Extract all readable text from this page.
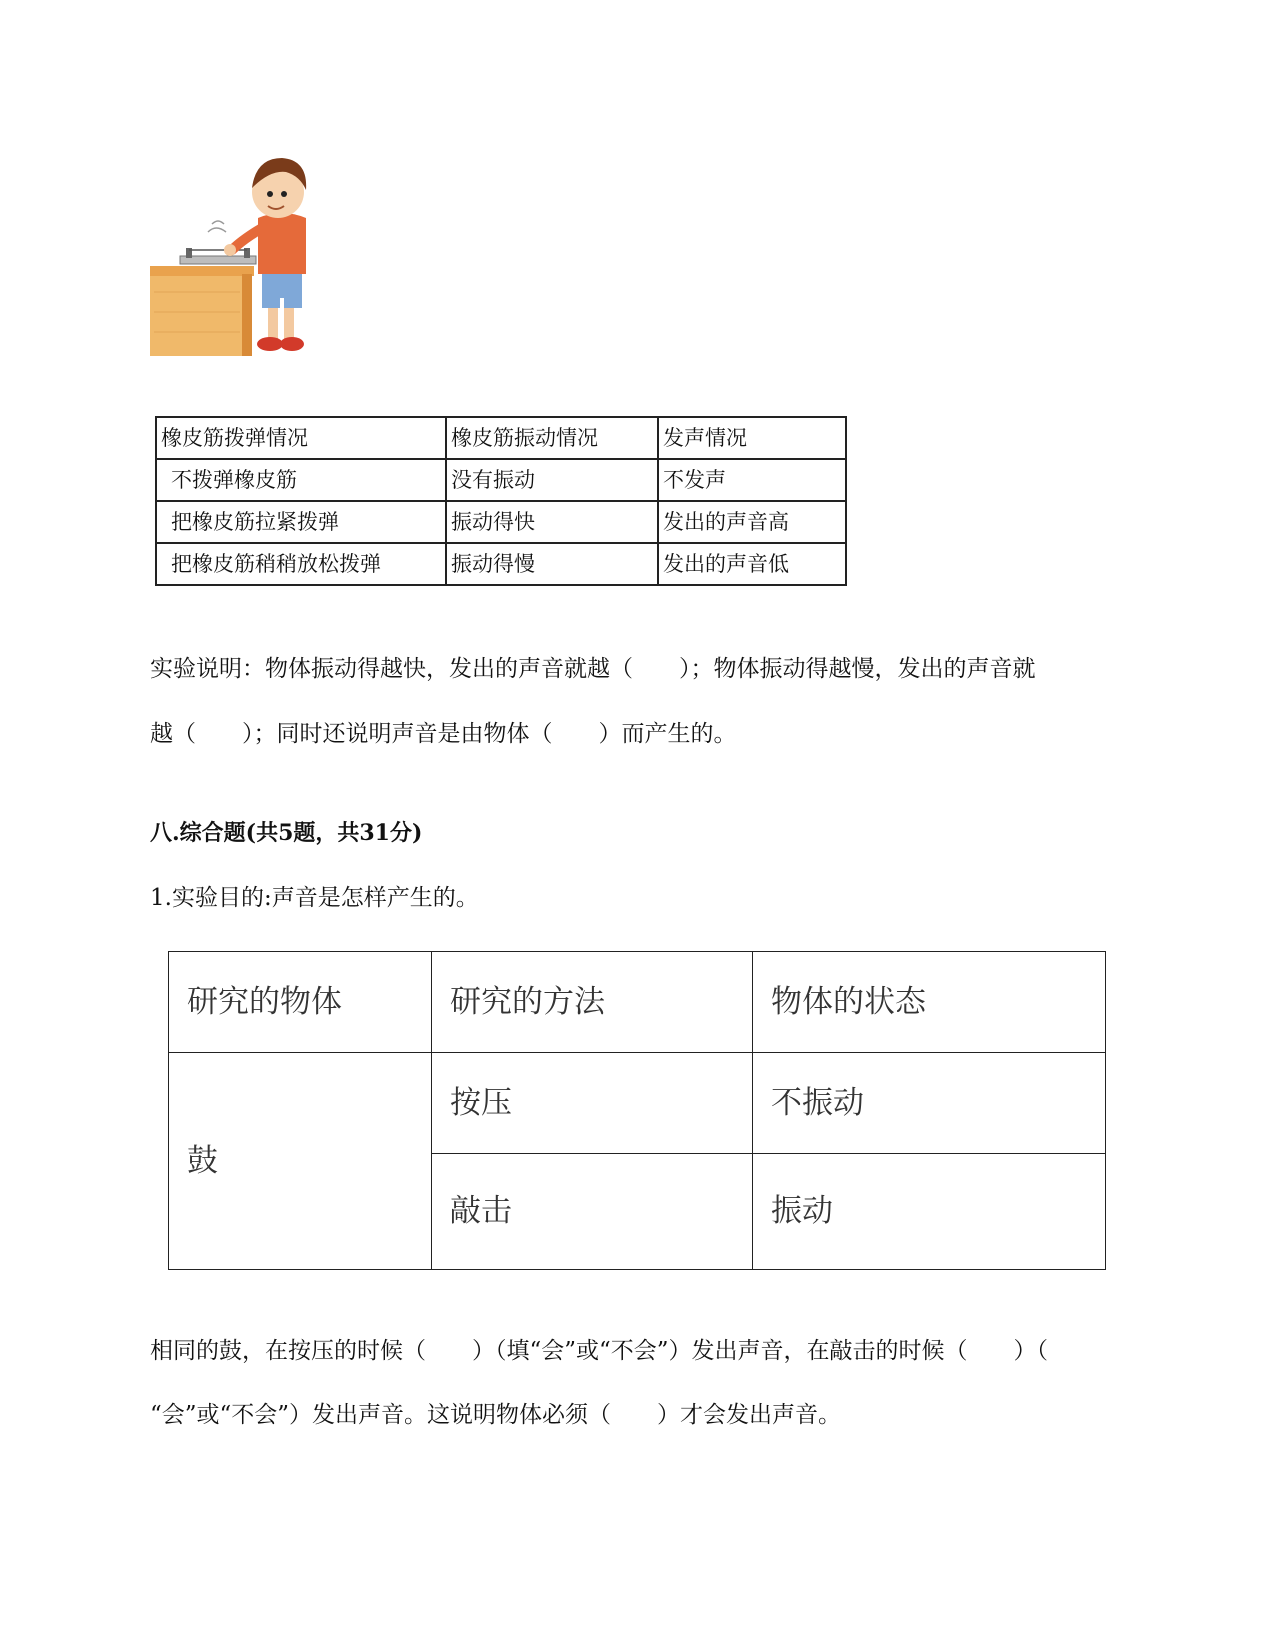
橡皮筋拨弹情况	橡皮筋振动情况	发声情况
不拨弹橡皮筋	没有振动	不发声
把橡皮筋拉紧拨弹	振动得快	发出的声音高
把橡皮筋稍稍放松拨弹	振动得慢	发出的声音低
实验说明：物体振动得越快，发出的声音就越（　　）；物体振动得越慢，发出的声音就
越（　　）；同时还说明声音是由物体（　　）而产生的。
八.综合题(共5题，共31分)
1.实验目的:声音是怎样产生的。
研究的物体	研究的方法	物体的状态
鼓	按压	不振动
	敲击	振动
相同的鼓，在按压的时候（　　）（填“会”或“不会”）发出声音，在敲击的时候（　　）（
“会”或“不会”）发出声音。这说明物体必须（　　）才会发出声音。
